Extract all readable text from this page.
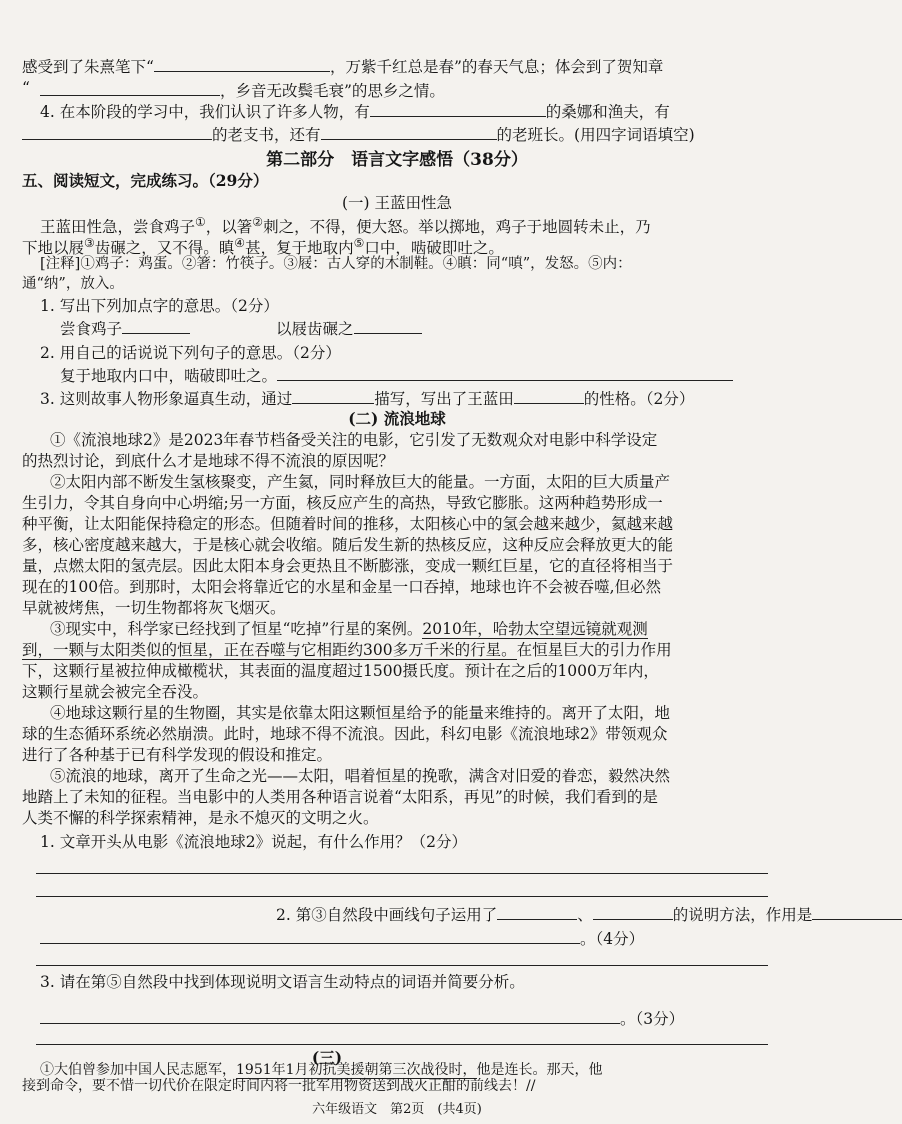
感受到了朱熹笔下“	，万紫千红总是春”的春天气息；体会到了贺知章
“	，乡音无改鬓毛衰”的思乡之情。
4. 在本阶段的学习中，我们认识了许多人物，有	的桑娜和渔夫，有
的老支书，还有	的老班长。(用四字词语填空)
第二部分　语言文字感悟（38分）
五、阅读短文，完成练习。（29分）
(一) 王蓝田性急
王蓝田性急，尝食鸡子①，以箸②刺之，不得，便大怒。举以掷地，鸡子于地圆转未止，乃
下地以屐③齿碾之，又不得。瞋④甚，复于地取内⑤口中，啮破即吐之。
[注释]①鸡子：鸡蛋。②箸：竹筷子。③屐：古人穿的木制鞋。④瞋：同“嗔”，发怒。⑤内：
通“纳”，放入。
1. 写出下列加点字的意思。（2分）
尝食鸡子	以屐齿碾之
2. 用自己的话说说下列句子的意思。（2分）
复于地取内口中，啮破即吐之。
3. 这则故事人物形象逼真生动，通过	描写，写出了王蓝田	的性格。（2分）
(二) 流浪地球
①《流浪地球2》是2023年春节档备受关注的电影，它引发了无数观众对电影中科学设定
的热烈讨论，到底什么才是地球不得不流浪的原因呢？
②太阳内部不断发生氢核聚变，产生氦，同时释放巨大的能量。一方面，太阳的巨大质量产
生引力，令其自身向中心坍缩;另一方面，核反应产生的高热，导致它膨胀。这两种趋势形成一
种平衡，让太阳能保持稳定的形态。但随着时间的推移，太阳核心中的氢会越来越少，氦越来越
多，核心密度越来越大，于是核心就会收缩。随后发生新的热核反应，这种反应会释放更大的能
量，点燃太阳的氢壳层。因此太阳本身会更热且不断膨涨，变成一颗红巨星，它的直径将相当于
现在的100倍。到那时，太阳会将靠近它的水星和金星一口吞掉，地球也许不会被吞噬,但必然
早就被烤焦，一切生物都将灰飞烟灭。
③现实中，科学家已经找到了恒星“吃掉”行星的案例。2010年，哈勃太空望远镜就观测
到，一颗与太阳类似的恒星，正在吞噬与它相距约300多万千米的行星。在恒星巨大的引力作用
下，这颗行星被拉伸成橄榄状，其表面的温度超过1500摄氏度。预计在之后的1000万年内，
这颗行星就会被完全吞没。
④地球这颗行星的生物圈，其实是依靠太阳这颗恒星给予的能量来维持的。离开了太阳，地
球的生态循环系统必然崩溃。此时，地球不得不流浪。因此，科幻电影《流浪地球2》带领观众
进行了各种基于已有科学发现的假设和推定。
⑤流浪的地球，离开了生命之光——太阳，唱着恒星的挽歌，满含对旧爱的眷恋，毅然决然
地踏上了未知的征程。当电影中的人类用各种语言说着“太阳系，再见”的时候，我们看到的是
人类不懈的科学探索精神，是永不熄灭的文明之火。
1. 文章开头从电影《流浪地球2》说起，有什么作用？（2分）
2. 第③自然段中画线句子运用了	、	的说明方法，作用是
。（4分）
3. 请在第⑤自然段中找到体现说明文语言生动特点的词语并简要分析。
。（3分）
(三)
①大伯曾参加中国人民志愿军，1951年1月初抗美援朝第三次战役时，他是连长。那天，他
接到命令，要不惜一切代价在限定时间内将一批军用物资送到战火正酣的前线去！//
六年级语文　第2页　(共4页)
